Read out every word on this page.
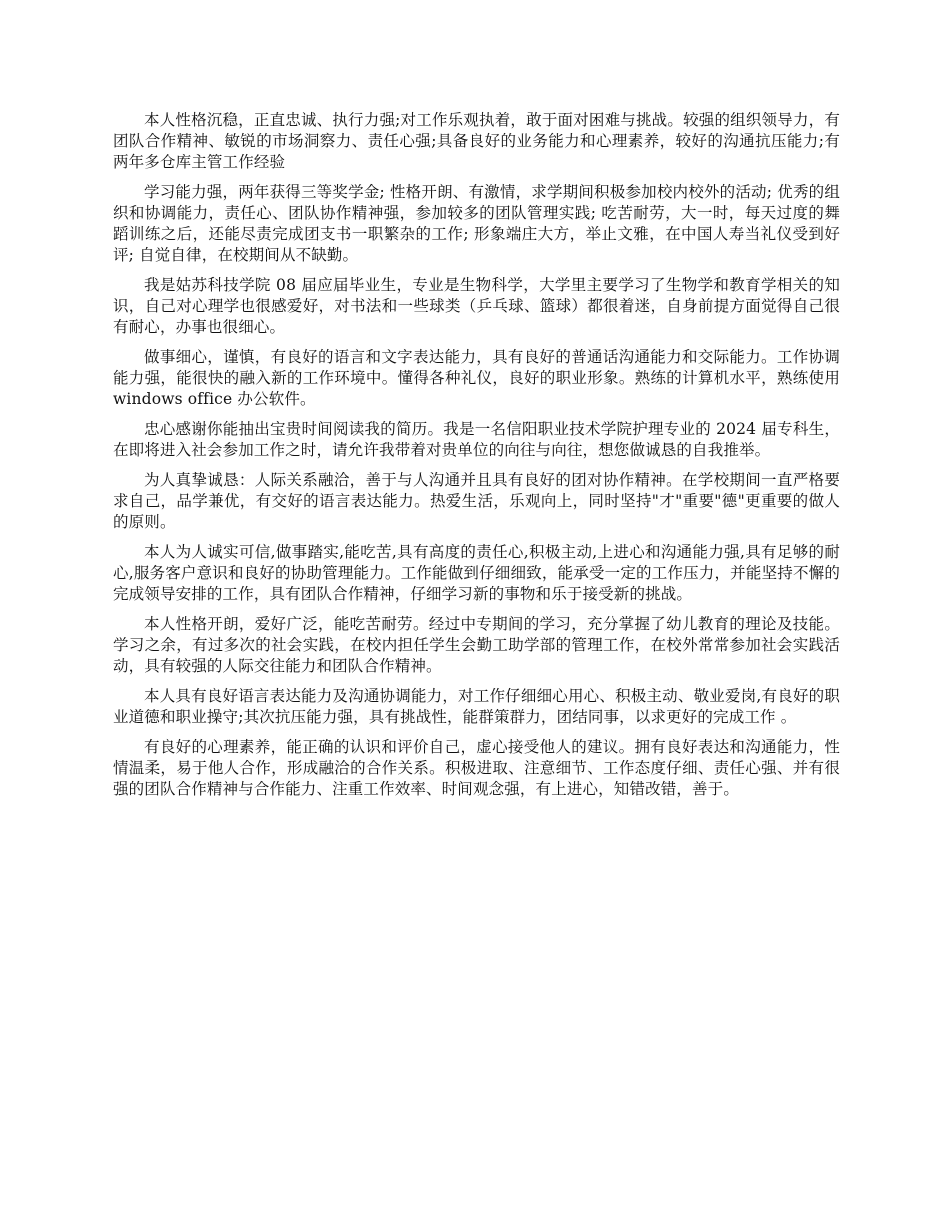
本人性格沉稳，正直忠诚、执行力强;对工作乐观执着，敢于面对困难与挑战。较强的组织领导力，有团队合作精神、敏锐的市场洞察力、责任心强;具备良好的业务能力和心理素养，较好的沟通抗压能力;有两年多仓库主管工作经验

学习能力强，两年获得三等奖学金; 性格开朗、有激情，求学期间积极参加校内校外的活动; 优秀的组织和协调能力，责任心、团队协作精神强，参加较多的团队管理实践; 吃苦耐劳，大一时，每天过度的舞蹈训练之后，还能尽责完成团支书一职繁杂的工作; 形象端庄大方，举止文雅，在中国人寿当礼仪受到好评; 自觉自律，在校期间从不缺勤。

我是姑苏科技学院 08 届应届毕业生，专业是生物科学，大学里主要学习了生物学和教育学相关的知识，自己对心理学也很感爱好，对书法和一些球类（乒乓球、篮球）都很着迷，自身前提方面觉得自己很有耐心，办事也很细心。

做事细心，谨慎，有良好的语言和文字表达能力，具有良好的普通话沟通能力和交际能力。工作协调能力强，能很快的融入新的工作环境中。懂得各种礼仪，良好的职业形象。熟练的计算机水平，熟练使用 windows office 办公软件。

忠心感谢你能抽出宝贵时间阅读我的简历。我是一名信阳职业技术学院护理专业的 2024 届专科生，在即将进入社会参加工作之时，请允许我带着对贵单位的向往与向往，想您做诚恳的自我推举。

为人真挚诚恳：人际关系融洽，善于与人沟通并且具有良好的团对协作精神。在学校期间一直严格要求自己，品学兼优，有交好的语言表达能力。热爱生活，乐观向上，同时坚持"才"重要"德"更重要的做人的原则。

本人为人诚实可信,做事踏实,能吃苦,具有高度的责任心,积极主动,上进心和沟通能力强,具有足够的耐心,服务客户意识和良好的协助管理能力。工作能做到仔细细致，能承受一定的工作压力，并能坚持不懈的完成领导安排的工作，具有团队合作精神，仔细学习新的事物和乐于接受新的挑战。

本人性格开朗，爱好广泛，能吃苦耐劳。经过中专期间的学习，充分掌握了幼儿教育的理论及技能。学习之余，有过多次的社会实践，在校内担任学生会勤工助学部的管理工作，在校外常常参加社会实践活动，具有较强的人际交往能力和团队合作精神。

本人具有良好语言表达能力及沟通协调能力，对工作仔细细心用心、积极主动、敬业爱岗,有良好的职业道德和职业操守;其次抗压能力强，具有挑战性，能群策群力，团结同事，以求更好的完成工作 。

有良好的心理素养，能正确的认识和评价自己，虚心接受他人的建议。拥有良好表达和沟通能力，性情温柔，易于他人合作，形成融洽的合作关系。积极进取、注意细节、工作态度仔细、责任心强、并有很强的团队合作精神与合作能力、注重工作效率、时间观念强，有上进心，知错改错，善于。
